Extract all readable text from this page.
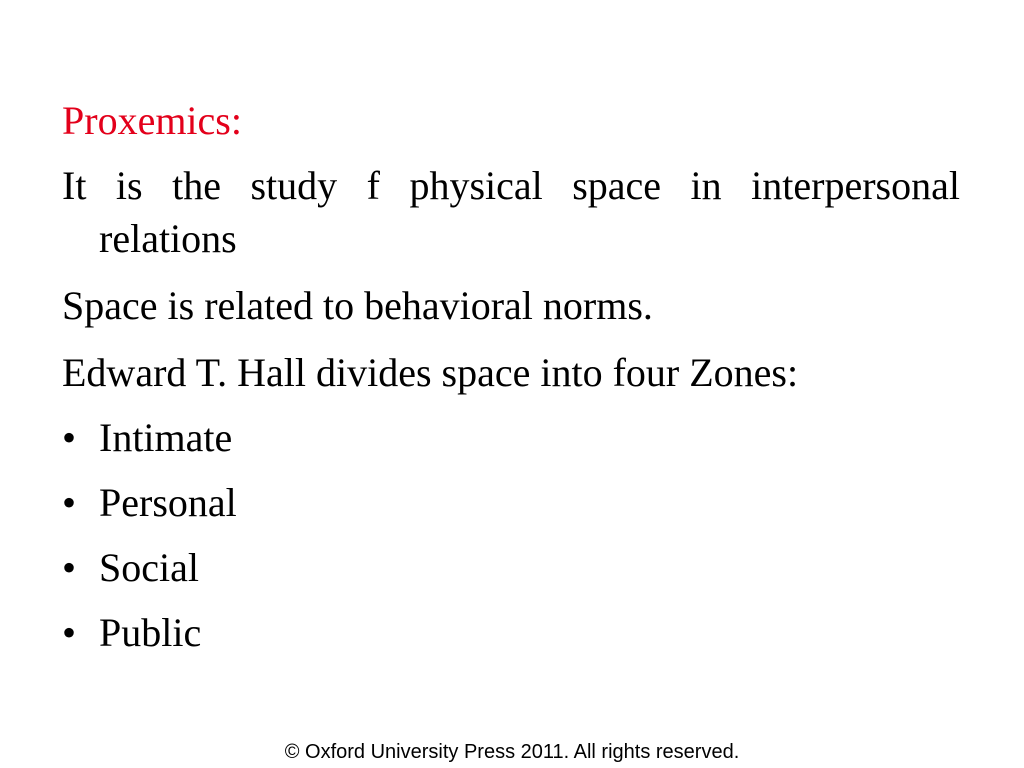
Proxemics:
It is the study f physical space in interpersonal
relations
Space is related to behavioral norms.
Edward T. Hall divides space into four Zones:
• Intimate
• Personal
• Social
• Public
© Oxford University Press 2011. All rights reserved.
